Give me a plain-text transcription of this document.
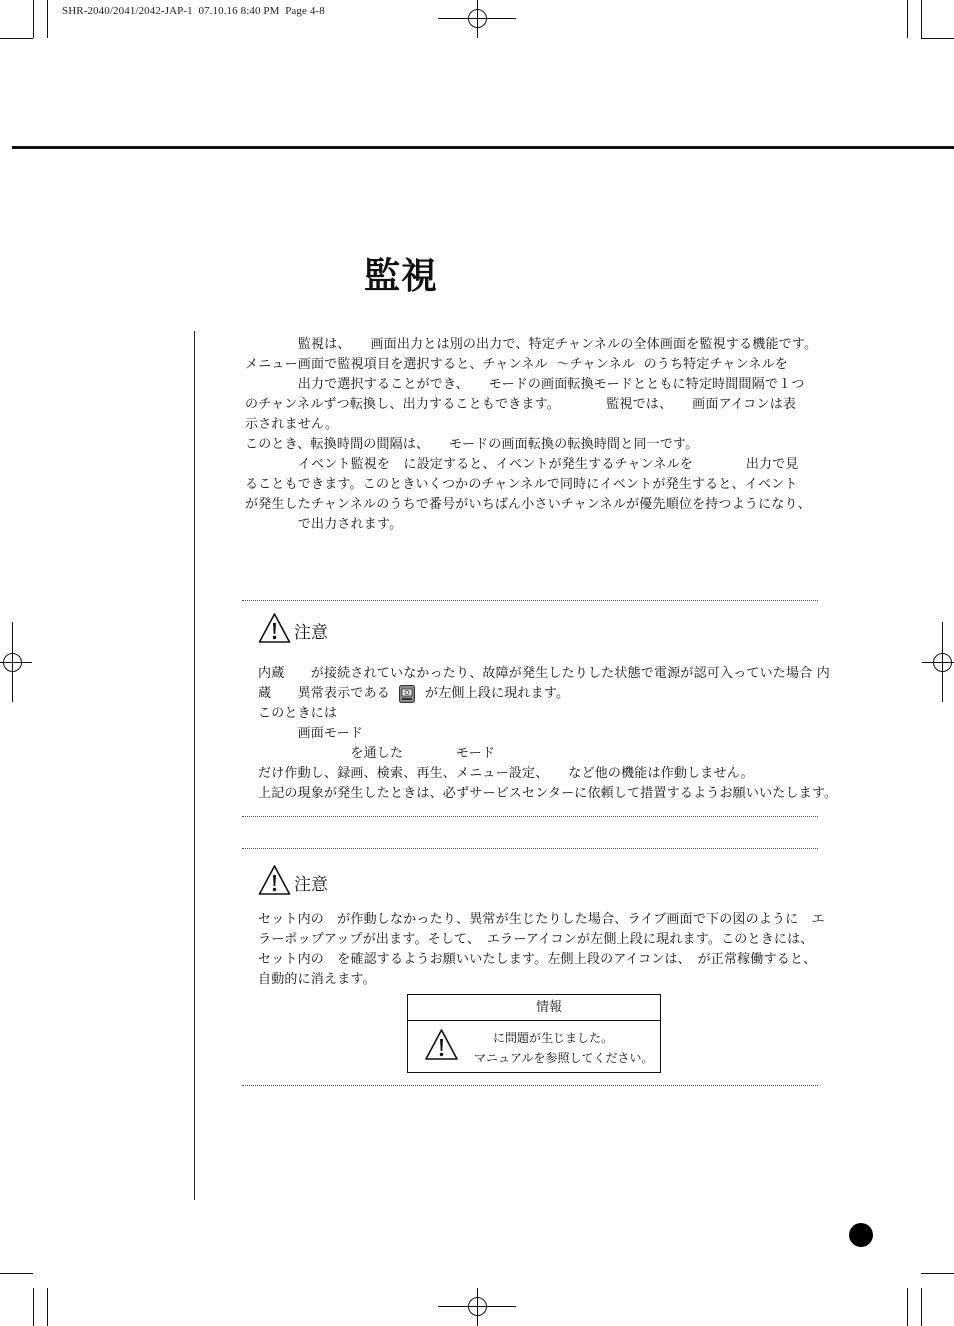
SHR-2040/2041/2042-JAP-1  07.10.16 8:40 PM  Page 4-8
監視
　　　　監視は、　　画面出力とは別の出力で、特定チャンネルの全体画面を監視する機能です。
メニュー画面で監視項目を選択すると、チャンネル  ～チャンネル  のうち特定チャンネルを
　　　　出力で選択することができ、　　モードの画面転換モードとともに特定時間間隔で１つ
のチャンネルずつ転換し、出力することもできます。　　　　監視では、　　画面アイコンは表
示されません。
このとき、転換時間の間隔は、　　モードの画面転換の転換時間と同一です。
　　　　イベント監視を　に設定すると、イベントが発生するチャンネルを　　　　出力で見
ることもできます。このときいくつかのチャンネルで同時にイベントが発生すると、イベント
が発生したチャンネルのうちで番号がいちばん小さいチャンネルが優先順位を持つようになり、
　　　　で出力されます。
注意
内蔵　　が接続されていなかったり、故障が発生したりした状態で電源が認可入っていた場合 内
蔵　　異常表示である	が左側上段に現れます。
このときには
　　　画面モード
　　　　　　　を通した　　　　モード
だけ作動し、録画、検索、再生、メニュー設定、　　など他の機能は作動しません。
上記の現象が発生したときは、必ずサービスセンターに依頼して措置するようお願いいたします。
注意
セット内の　が作動しなかったり、異常が生じたりした場合、ライブ画面で下の図のように　エ
ラーポップアップが出ます。そして、　エラーアイコンが左側上段に現れます。このときには、
セット内の　を確認するようお願いいたします。左側上段のアイコンは、　が正常稼働すると、
自動的に消えます。
情報
に問題が生じました。
マニュアルを参照してください。
